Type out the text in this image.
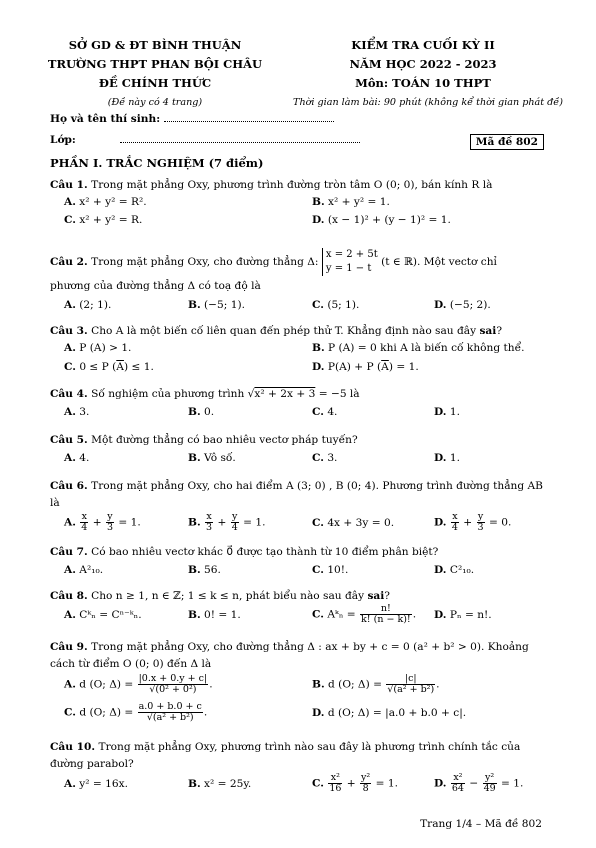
SỞ GD & ĐT BÌNH THUẬN
TRƯỜNG THPT PHAN BỘI CHÂU
ĐỀ CHÍNH THỨC
(Đề này có 4 trang)
KIỂM TRA CUỐI KỲ II
NĂM HỌC 2022 - 2023
Môn: TOÁN 10 THPT
Thời gian làm bài: 90 phút (không kể thời gian phát đề)
Họ và tên thí sinh:
Lớp:	Mã đề 802
PHẦN I. TRẮC NGHIỆM (7 điểm)
Câu 1. Trong mặt phẳng Oxy, phương trình đường tròn tâm O (0; 0), bán kính R là
A. x² + y² = R².	B. x² + y² = 1.
C. x² + y² = R.	D. (x − 1)² + (y − 1)² = 1.
Câu 2. Trong mặt phẳng Oxy, cho đường thẳng Δ:
x = 2 + 5t
y = 1 − t
(t ∈ ℝ). Một vectơ chỉ
phương của đường thẳng Δ có toạ độ là
A. (2; 1).	B. (−5; 1).	C. (5; 1).	D. (−5; 2).
Câu 3. Cho A là một biến cố liên quan đến phép thử T. Khẳng định nào sau đây sai?
A. P (A) > 1.	B. P (A) = 0 khi A là biến cố không thể.
C. 0 ≤ P $(\overline{A}) \le 1$.	D. P(A) + P $(\overline{A}) = 1$.
Câu 4. Số nghiệm của phương trình √x² + 2x + 3 = −5 là
A. 3.	B. 0.	C. 4.	D. 1.
Câu 5. Một đường thẳng có bao nhiêu vectơ pháp tuyến?
A. 4.	B. Vô số.	C. 3.	D. 1.
Câu 6. Trong mặt phẳng Oxy, cho hai điểm A (3; 0) , B (0; 4). Phương trình đường thẳng AB
là
A. $\frac{x}{4} + \frac{y}{3} = 1$.	B. $\frac{x}{3} + \frac{y}{4} = 1$.	C. 4x + 3y = 0.	D. $\frac{x}{4} + \frac{y}{3} = 0$.
Câu 7. Có bao nhiêu vectơ khác 0⃗ được tạo thành từ 10 điểm phân biệt?
A. A²₁₀.	B. 56.	C. 10!.	D. C²₁₀.
Câu 8. Cho n ≥ 1, n ∈ ℤ; 1 ≤ k ≤ n, phát biểu nào sau đây sai?
A. Cᵏₙ = Cⁿ⁻ᵏₙ.	B. 0! = 1.	C. Aᵏₙ = $\frac{n!}{k! (n - k)!}$ . D. Pₙ = n!.
Câu 9. Trong mặt phẳng Oxy, cho đường thẳng Δ : ax + by + c = 0 (a² + b² > 0). Khoảng
cách từ điểm O (0; 0) đến Δ là
A. d (O; $\Delta) = \frac{|0.x + 0.y + c|}{\text{√(0² + 0²)}}$ .	B. d (O; $\Delta) = \frac{|c|}{\text{√(a² + b²)}}$ .
C. d (O; $\Delta) = \frac{a.0 + b.0 + c}{\text{√(a² + b²)}}$ .	D. d (O; Δ) = |a.0 + b.0 + c|.
Câu 10. Trong mặt phẳng Oxy, phương trình nào sau đây là phương trình chính tắc của
đường parabol?
A. y² = 16x.	B. x² = 25y.	C. $\frac{\text{x²}}{16} + \frac{\text{y²}}{8} = 1$.	D. $\frac{\text{x²}}{64} - \frac{\text{y²}}{49} = 1$.
Trang 1/4 – Mã đề 802
